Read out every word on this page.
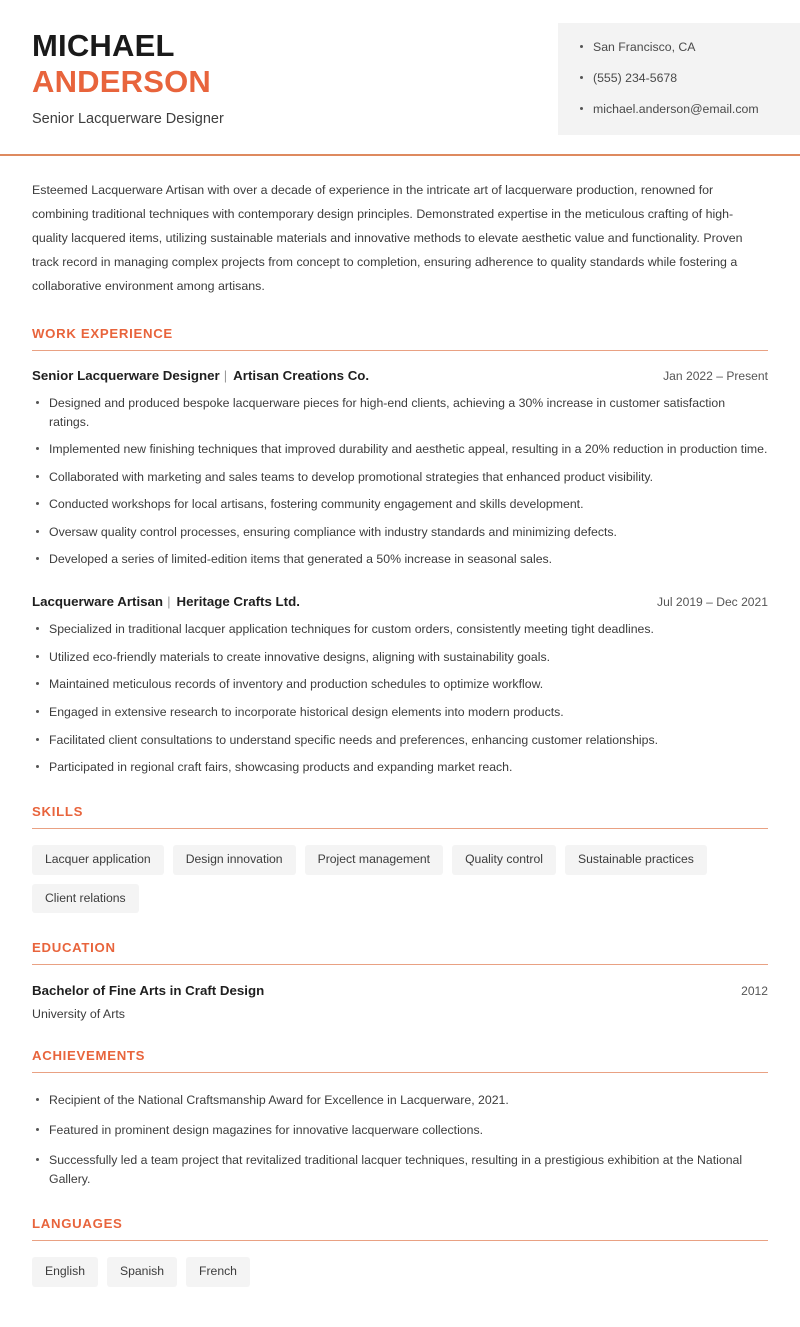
MICHAEL
ANDERSON
Senior Lacquerware Designer
San Francisco, CA
(555) 234-5678
michael.anderson@email.com
Esteemed Lacquerware Artisan with over a decade of experience in the intricate art of lacquerware production, renowned for combining traditional techniques with contemporary design principles. Demonstrated expertise in the meticulous crafting of high-quality lacquered items, utilizing sustainable materials and innovative methods to elevate aesthetic value and functionality. Proven track record in managing complex projects from concept to completion, ensuring adherence to quality standards while fostering a collaborative environment among artisans.
WORK EXPERIENCE
Senior Lacquerware Designer | Artisan Creations Co.	Jan 2022 – Present
Designed and produced bespoke lacquerware pieces for high-end clients, achieving a 30% increase in customer satisfaction ratings.
Implemented new finishing techniques that improved durability and aesthetic appeal, resulting in a 20% reduction in production time.
Collaborated with marketing and sales teams to develop promotional strategies that enhanced product visibility.
Conducted workshops for local artisans, fostering community engagement and skills development.
Oversaw quality control processes, ensuring compliance with industry standards and minimizing defects.
Developed a series of limited-edition items that generated a 50% increase in seasonal sales.
Lacquerware Artisan | Heritage Crafts Ltd.	Jul 2019 – Dec 2021
Specialized in traditional lacquer application techniques for custom orders, consistently meeting tight deadlines.
Utilized eco-friendly materials to create innovative designs, aligning with sustainability goals.
Maintained meticulous records of inventory and production schedules to optimize workflow.
Engaged in extensive research to incorporate historical design elements into modern products.
Facilitated client consultations to understand specific needs and preferences, enhancing customer relationships.
Participated in regional craft fairs, showcasing products and expanding market reach.
SKILLS
Lacquer application	Design innovation	Project management	Quality control	Sustainable practices
Client relations
EDUCATION
Bachelor of Fine Arts in Craft Design	2012
University of Arts
ACHIEVEMENTS
Recipient of the National Craftsmanship Award for Excellence in Lacquerware, 2021.
Featured in prominent design magazines for innovative lacquerware collections.
Successfully led a team project that revitalized traditional lacquer techniques, resulting in a prestigious exhibition at the National Gallery.
LANGUAGES
English	Spanish	French
